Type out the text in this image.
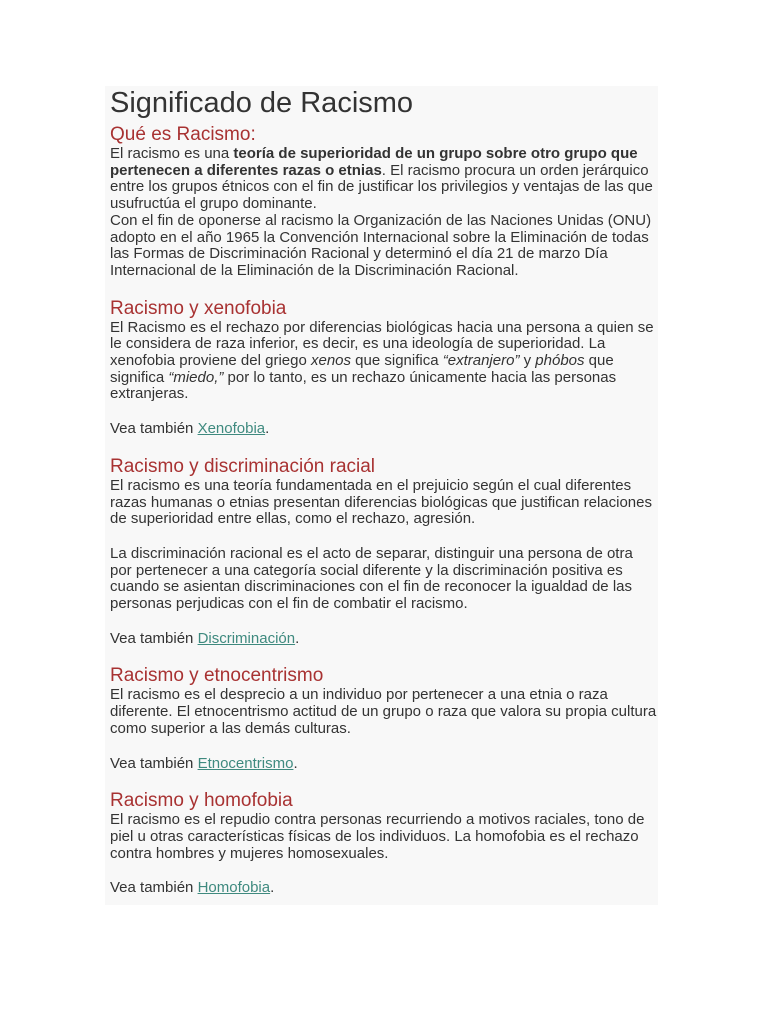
Significado de Racismo
Qué es Racismo:

El racismo es una teoría de superioridad de un grupo sobre otro grupo que pertenecen a diferentes razas o etnias. El racismo procura un orden jerárquico entre los grupos étnicos con el fin de justificar los privilegios y ventajas de las que usufructúa el grupo dominante.

Con el fin de oponerse al racismo la Organización de las Naciones Unidas (ONU) adopto en el año 1965 la Convención Internacional sobre la Eliminación de todas las Formas de Discriminación Racional y determinó el día 21 de marzo Día Internacional de la Eliminación de la Discriminación Racional.

Racismo y xenofobia

El Racismo es el rechazo por diferencias biológicas hacia una persona a quien se le considera de raza inferior, es decir, es una ideología de superioridad. La xenofobia proviene del griego xenos que significa “extranjero” y phóbos que significa “miedo,” por lo tanto, es un rechazo únicamente hacia las personas extranjeras.

Vea también Xenofobia.

Racismo y discriminación racial

El racismo es una teoría fundamentada en el prejuicio según el cual diferentes razas humanas o etnias presentan diferencias biológicas que justifican relaciones de superioridad entre ellas, como el rechazo, agresión.

La discriminación racional es el acto de separar, distinguir una persona de otra por pertenecer a una categoría social diferente y la discriminación positiva es cuando se asientan discriminaciones con el fin de reconocer la igualdad de las personas perjudicas con el fin de combatir el racismo.

Vea también Discriminación.

Racismo y etnocentrismo

El racismo es el desprecio a un individuo por pertenecer a una etnia o raza diferente. El etnocentrismo actitud de un grupo o raza que valora su propia cultura como superior a las demás culturas.

Vea también Etnocentrismo.

Racismo y homofobia

El racismo es el repudio contra personas recurriendo a motivos raciales, tono de piel u otras características físicas de los individuos. La homofobia es el rechazo contra hombres y mujeres homosexuales.

Vea también Homofobia.
